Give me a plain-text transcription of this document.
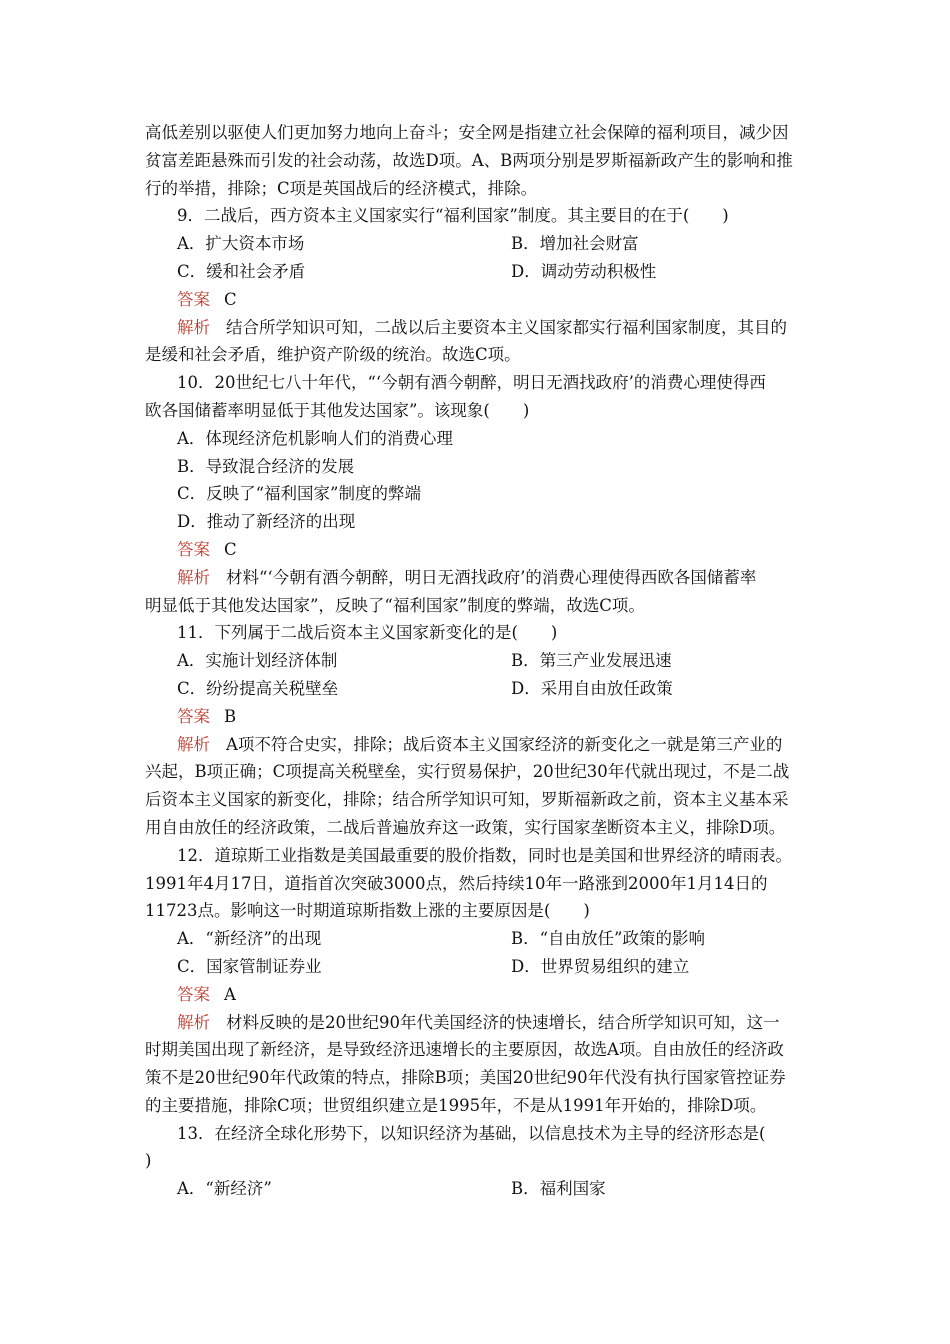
高低差别以驱使人们更加努力地向上奋斗；安全网是指建立社会保障的福利项目，减少因
贫富差距悬殊而引发的社会动荡，故选D项。A、B两项分别是罗斯福新政产生的影响和推
行的举措，排除；C项是英国战后的经济模式，排除。
9．二战后，西方资本主义国家实行“福利国家”制度。其主要目的在于(　　)
A．扩大资本市场	B．增加社会财富
C．缓和社会矛盾	D．调动劳动积极性
答案 C
解析 结合所学知识可知，二战以后主要资本主义国家都实行福利国家制度，其目的
是缓和社会矛盾，维护资产阶级的统治。故选C项。
10．20世纪七八十年代，“‘今朝有酒今朝醉，明日无酒找政府’的消费心理使得西
欧各国储蓄率明显低于其他发达国家”。该现象(　　)
A．体现经济危机影响人们的消费心理
B．导致混合经济的发展
C．反映了“福利国家”制度的弊端
D．推动了新经济的出现
答案 C
解析 材料“‘今朝有酒今朝醉，明日无酒找政府’的消费心理使得西欧各国储蓄率
明显低于其他发达国家”，反映了“福利国家”制度的弊端，故选C项。
11．下列属于二战后资本主义国家新变化的是(　　)
A．实施计划经济体制	B．第三产业发展迅速
C．纷纷提高关税壁垒	D．采用自由放任政策
答案 B
解析 A项不符合史实，排除；战后资本主义国家经济的新变化之一就是第三产业的
兴起，B项正确；C项提高关税壁垒，实行贸易保护，20世纪30年代就出现过，不是二战
后资本主义国家的新变化，排除；结合所学知识可知，罗斯福新政之前，资本主义基本采
用自由放任的经济政策，二战后普遍放弃这一政策，实行国家垄断资本主义，排除D项。
12．道琼斯工业指数是美国最重要的股价指数，同时也是美国和世界经济的晴雨表。
1991年4月17日，道指首次突破3000点，然后持续10年一路涨到2000年1月14日的
11723点。影响这一时期道琼斯指数上涨的主要原因是(　　)
A．“新经济”的出现	B．“自由放任”政策的影响
C．国家管制证券业	D．世界贸易组织的建立
答案 A
解析 材料反映的是20世纪90年代美国经济的快速增长，结合所学知识可知，这一
时期美国出现了新经济，是导致经济迅速增长的主要原因，故选A项。自由放任的经济政
策不是20世纪90年代政策的特点，排除B项；美国20世纪90年代没有执行国家管控证券
的主要措施，排除C项；世贸组织建立是1995年，不是从1991年开始的，排除D项。
13．在经济全球化形势下，以知识经济为基础，以信息技术为主导的经济形态是(
)
A．“新经济”	B．福利国家
